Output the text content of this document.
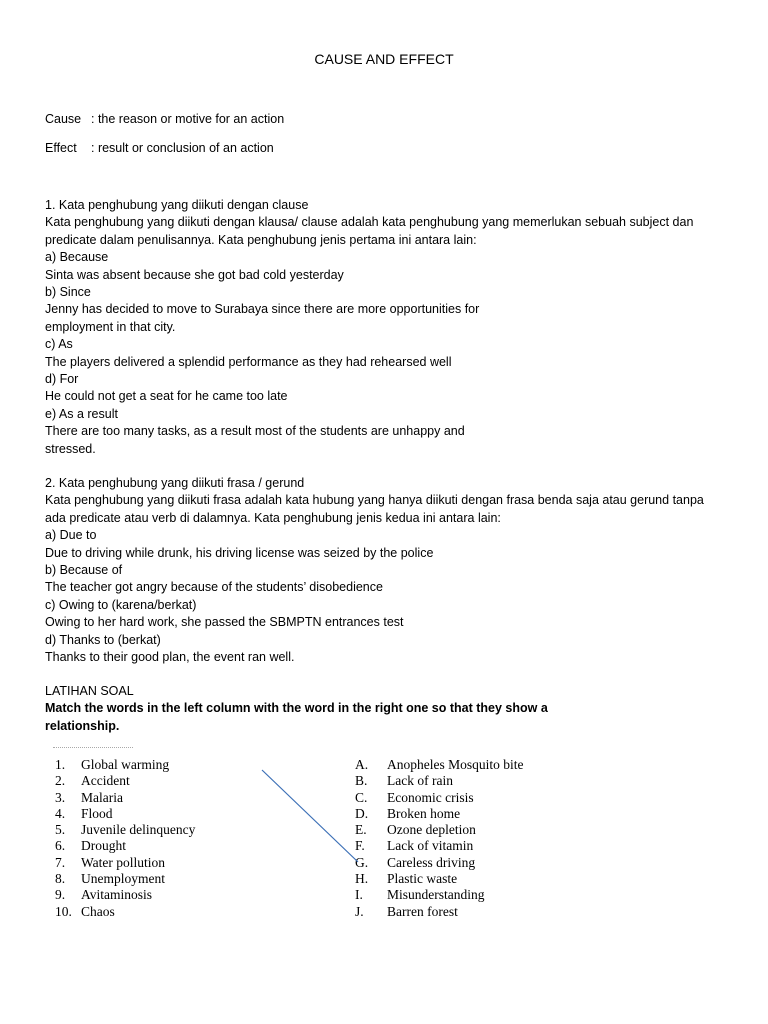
CAUSE AND EFFECT
Cause : the reason or motive for an action
Effect : result or conclusion of an action
1. Kata penghubung yang diikuti dengan clause
Kata penghubung yang diikuti dengan klausa/ clause adalah kata penghubung yang memerlukan sebuah subject dan
predicate dalam penulisannya. Kata penghubung jenis pertama ini antara lain:
a) Because
Sinta was absent because she got bad cold yesterday
b) Since
Jenny has decided to move to Surabaya since there are more opportunities for
employment in that city.
c) As
The players delivered a splendid performance as they had rehearsed well
d) For
He could not get a seat for he came too late
e) As a result
There are too many tasks, as a result most of the students are unhappy and
stressed.
2. Kata penghubung yang diikuti frasa / gerund
Kata penghubung yang diikuti frasa adalah kata hubung yang hanya diikuti dengan frasa benda saja atau gerund tanpa
ada predicate atau verb di dalamnya. Kata penghubung jenis kedua ini antara lain:
a) Due to
Due to driving while drunk, his driving license was seized by the police
b) Because of
The teacher got angry because of the students’ disobedience
c) Owing to (karena/berkat)
Owing to her hard work, she passed the SBMPTN entrances test
d) Thanks to (berkat)
Thanks to their good plan, the event ran well.
LATIHAN SOAL
Match the words in the left column with the word in the right one so that they show a
relationship.
1. Global warming
2. Accident
3. Malaria
4. Flood
5. Juvenile delinquency
6. Drought
7. Water pollution
8. Unemployment
9. Avitaminosis
10. Chaos
A. Anopheles Mosquito bite
B. Lack of rain
C. Economic crisis
D. Broken home
E. Ozone depletion
F. Lack of vitamin
G. Careless driving
H. Plastic waste
I. Misunderstanding
J. Barren forest
